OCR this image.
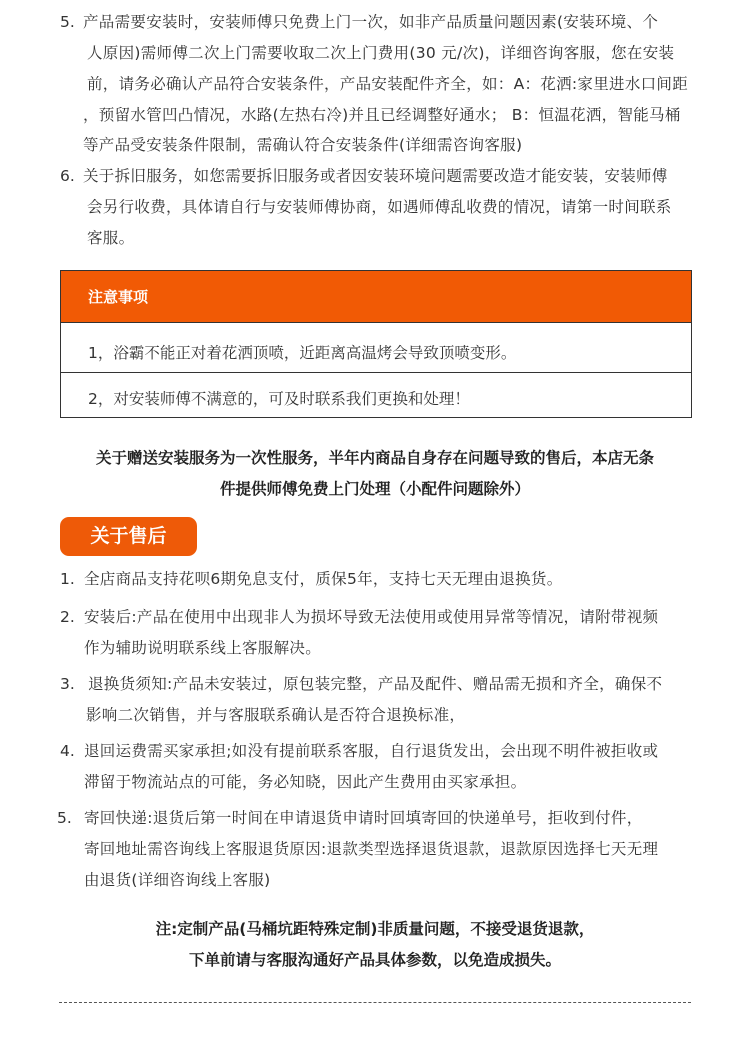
5. 产品需要安装时，安装师傅只免费上门一次，如非产品质量问题因素(安装环境、个
人原因)需师傅二次上门需要收取二次上门费用(30 元/次)，详细咨询客服，您在安装
前，请务必确认产品符合安装条件，产品安装配件齐全，如：A：花洒:家里进水口间距
，预留水管凹凸情况，水路(左热右冷)并且已经调整好通水； B：恒温花洒，智能马桶
等产品受安装条件限制，需确认符合安装条件(详细需咨询客服)
6. 关于拆旧服务，如您需要拆旧服务或者因安装环境问题需要改造才能安装，安装师傅
会另行收费，具体请自行与安装师傅协商，如遇师傅乱收费的情况，请第一时间联系
客服。
注意事项
1，浴霸不能正对着花洒顶喷，近距离高温烤会导致顶喷变形。
2，对安装师傅不满意的，可及时联系我们更换和处理！
关于赠送安装服务为一次性服务，半年内商品自身存在问题导致的售后，本店无条
件提供师傅免费上门处理（小配件问题除外）
关于售后
1. 全店商品支持花呗6期免息支付，质保5年，支持七天无理由退换货。
2. 安装后:产品在使用中出现非人为损坏导致无法使用或使用异常等情况，请附带视频
作为辅助说明联系线上客服解决。
3. 退换货须知:产品未安装过，原包装完整，产品及配件、赠品需无损和齐全，确保不
影响二次销售，并与客服联系确认是否符合退换标准，
4. 退回运费需买家承担;如没有提前联系客服，自行退货发出，会出现不明件被拒收或
滞留于物流站点的可能，务必知晓，因此产生费用由买家承担。
5. 寄回快递:退货后第一时间在申请退货申请时回填寄回的快递单号，拒收到付件，
寄回地址需咨询线上客服退货原因:退款类型选择退货退款，退款原因选择七天无理
由退货(详细咨询线上客服)
注:定制产品(马桶坑距特殊定制)非质量问题，不接受退货退款，
下单前请与客服沟通好产品具体参数，以免造成损失。
